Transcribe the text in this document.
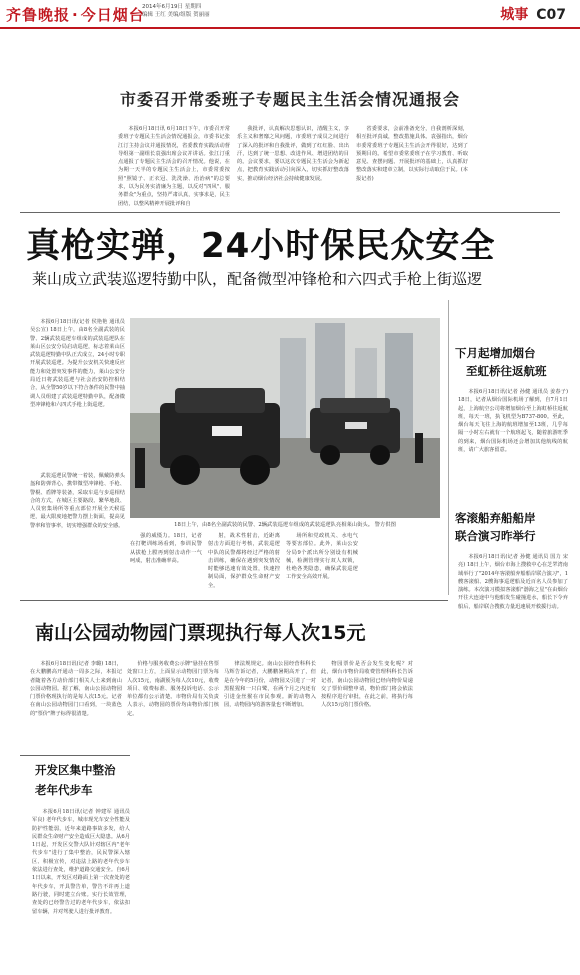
齐鲁晚报 · 今日烟台
2014年6月19日 星期四
编辑 王红 美编/组版 贺丽丽	城事 C07
市委召开常委班子专题民主生活会情况通报会
本报6月18日讯 6月18日下午，市委召开常委班子专题民主生活会情况通报会，市委书记张江汀主持会议并通报情况，省委教育实践活动督导组第一副组长袁强出席会议并讲话。张江汀重点通报了专题民主生活会的召开情况。他说，在为期一天半的专题民主生活会上，市委常委按照"照镜子、正衣冠、洗洗澡、治治病"的总要求，以为民务实清廉为主题，以反对"四风"、服务群众"为重点，坚持严肃认真，实事求是，民主团结，以整风精神开展批评和自
我批评，认真解决思想认识，清醒主义，享乐主义和奢靡之风问题，市委班子成员之间进行了深入的批评和自我批评，做到了红红脸、出出汗，达到了统一思想、改进作风、增进团结的目的。会议要求，要以这次专题民主生活会为新起点，把教育实践活动引向深入，切实抓好整改落实，推动烟台经济社会持续健康发展。
省委要求，会前准备充分，自我剖析深刻，相互批评真诚，整改措施具体。袁强指出，烟台市委常委班子专题民主生活会开得很好，达到了预期目的。希望市委常委班子在学习教育、听取意见、查摆问题、开展批评的基础上，认真抓好整改落实和建章立制，以实际行动取信于民。(本报记者)
真枪实弹，24小时保民众安全
莱山成立武装巡逻特勤中队，配备微型冲锋枪和六四式手枪上街巡逻
本报6月18日讯(记者 侯艳艳 通讯员 吴公宣) 18日上午，由8名全副武装的民警、2辆武装巡逻车组成的武装巡逻队在莱山区公安分局启动巡逻，标志着莱山区武装巡逻特勤中队正式成立，24小时专职开展武装巡逻。为提升公安机关快速反应能力和处置突发事件的能力，莱山公安分局近日将武装巡逻与社会治安防控相结合，从全警50岁以下符合条件的民警中抽调人员组建了武装巡逻特勤中队，配备微型冲锋枪和六四式手枪上街巡逻。
武装巡逻民警统一着装，佩戴防弹头盔和防弹背心，携带微型冲锋枪、手枪、警棍、盾牌等装备，采取车巡与步巡相结合的方式，在城区主要路段、繁华地段、人员密集场所等重点部位开展全天候巡逻，最大限度地把警力摆上街面，提高见警率和管事率，切实增强群众的安全感。	18日上午，由8名全副武装的民警、2辆武装巡逻车组成的武装巡逻队亮相莱山街头。 警方供图
强的威慑力。18日，记者在打靶训练场看到，参训民警从拔枪上膛再到射击动作一气呵成，射击准确率高。
射，战术性射击，近距离射击方面进行考核，武装巡逻中队的民警都将经过严格的射击训练，确保在遇到突发情况时能够迅速有效处置，快速控制局面，保护群众生命财产安全。
场所和党政机关、水电气等要害部位。此外，莱山公安分局9个派出所分别设有机械械，检测管理实行双人双锁，杜绝各类隐患，确保武装巡逻工作安全高效开展。
下月起增加烟台
至虹桥往返航班
本报6月18日讯(记者 孙健 通讯员 姜春子) 18日，记者从烟台国际机场了解到，自7月1日起，上海航空公司将增加烟台至上海虹桥往返航班，每天一班，执飞机型为B737-800。至此，烟台每天飞往上海的航班增加至13班，几乎每隔一小时左右就有一个航班起飞，随着旅游旺季的到来，烟台国际机场还会增加其他航线的航班，请广大旅客留意。
客滚船弃船船岸
联合演习昨举行
本报6月18日讯(记者 孙健 通讯员 国力 宋亮) 18日上午，烟台市海上搜救中心在芝罘湾南域举行了"2014年客滚船弃船船岸联合演习"，1艘客滚船、2艘海事巡逻船及近百名人员参加了演练。本次演习模拟客滚船"渤海之星"在由烟台开往大连途中与他船发生碰撞进水，船长下令弃船后，船岸联合搜救力量迅速展开救援行动。
南山公园动物园门票现执行每人次15元
本报6月18日讯(记者 李璐) 18日，在大鹏鹏高开通动一周多之际，本报记者随着各方动价部门相关人士来到南山公园动物园。据了解，南山公园动物园门票价格现执行的是每人次15元。记者在南山公园动物园门口看到，一块蓝色的"票价"牌子标得很清楚。
价格与服务收费公示牌"悬挂在售票处窗口上方，上面显示动物园门票为每人次15元，南湖预为每人次10元，收费项目、收费标准、服务投诉电话、公示单位都有公示清楚。市物价局有关负责人表示，动物园的票价均由物价部门核定。
律法规规定。南山公园经营科科长马辉告诉记者，大鹏鹏暑期高开了，但是在今年的5月份，动物园又引进了一对黑猩猩和一只白鹭，在两个月之内还有引进金丝猴在市民参观。新的动物入园，动物园内的游客量也不断增加。
物园票价是否会发生变化呢？对此，烟台市物价局收费管理科科长告诉记者，南山公园动物园已经向物价局递交了票价调整申请，物价部门将会依法按程序进行审批，在此之前，将执行每人次15元的门票价格。
开发区集中整治
老年代步车
本报6月18日讯(记者 钟建军 通讯员 军良) 老年代步车，城市现光车安全性能及防护性能弱，近年来道路事故多发，给人民群众生命财产安全造成巨大隐患。从6月1日起，开发区交警大队针对辖区内"老年代步车"进行了集中整治，民民警深入辖区、积极宣传，对违法上路的老年代步车依法进行查处，维护道路交通安全。自6月1日以来，开发区对路面上第一次查处的老年代步车，开具警告单，警告不许再上道路行驶，同时建立台账。实行长效管理，查处的已经警告过的老年代步车，依法扣留车辆，并对驾驶人进行批评教育。
